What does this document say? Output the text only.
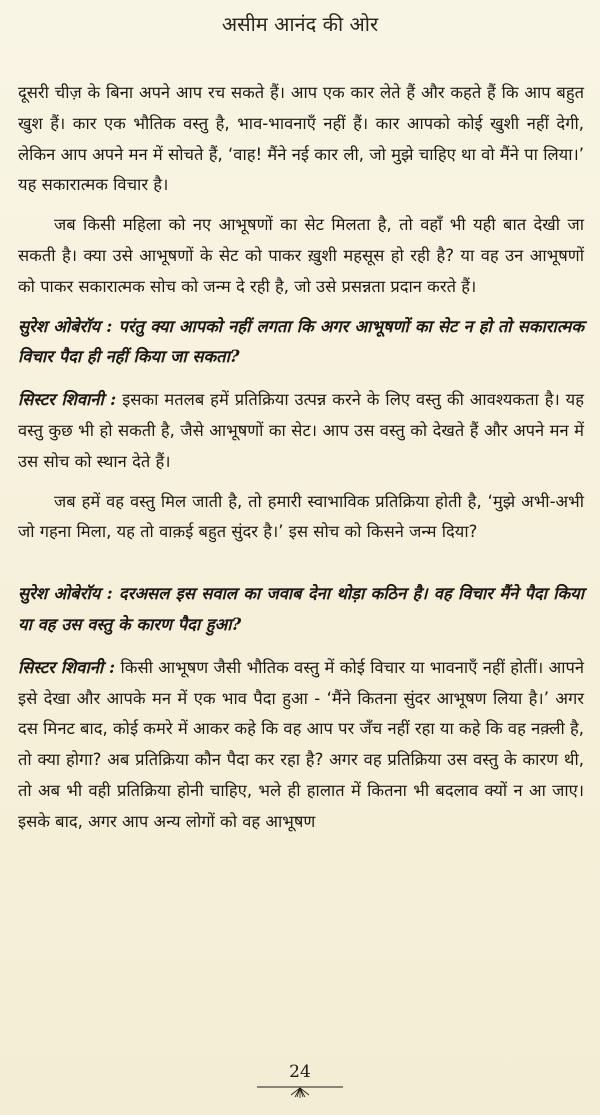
असीम आनंद की ओर

दूसरी चीज़ के बिना अपने आप रच सकते हैं। आप एक कार लेते हैं और कहते हैं कि आप बहुत खुश हैं। कार एक भौतिक वस्तु है, भाव-भावनाएँ नहीं हैं। कार आपको कोई खुशी नहीं देगी, लेकिन आप अपने मन में सोचते हैं, ‘वाह! मैंने नई कार ली, जो मुझे चाहिए था वो मैंने पा लिया।’ यह सकारात्मक विचार है।

जब किसी महिला को नए आभूषणों का सेट मिलता है, तो वहाँ भी यही बात देखी जा सकती है। क्या उसे आभूषणों के सेट को पाकर ख़ुशी महसूस हो रही है? या वह उन आभूषणों को पाकर सकारात्मक सोच को जन्म दे रही है, जो उसे प्रसन्नता प्रदान करते हैं।

सुरेश ओबेरॉय : परंतु क्या आपको नहीं लगता कि अगर आभूषणों का सेट न हो तो सकारात्मक विचार पैदा ही नहीं किया जा सकता?

सिस्टर शिवानी : इसका मतलब हमें प्रतिक्रिया उत्पन्न करने के लिए वस्तु की आवश्यकता है। यह वस्तु कुछ भी हो सकती है, जैसे आभूषणों का सेट। आप उस वस्तु को देखते हैं और अपने मन में उस सोच को स्थान देते हैं।

जब हमें वह वस्तु मिल जाती है, तो हमारी स्वाभाविक प्रतिक्रिया होती है, ‘मुझे अभी-अभी जो गहना मिला, यह तो वाक़ई बहुत सुंदर है।’ इस सोच को किसने जन्म दिया?

सुरेश ओबेरॉय : दरअसल इस सवाल का जवाब देना थोड़ा कठिन है। वह विचार मैंने पैदा किया या वह उस वस्तु के कारण पैदा हुआ?

सिस्टर शिवानी : किसी आभूषण जैसी भौतिक वस्तु में कोई विचार या भावनाएँ नहीं होतीं। आपने इसे देखा और आपके मन में एक भाव पैदा हुआ - ‘मैंने कितना सुंदर आभूषण लिया है।’ अगर दस मिनट बाद, कोई कमरे में आकर कहे कि वह आप पर जँच नहीं रहा या कहे कि वह नक़्ली है, तो क्या होगा? अब प्रतिक्रिया कौन पैदा कर रहा है? अगर वह प्रतिक्रिया उस वस्तु के कारण थी, तो अब भी वही प्रतिक्रिया होनी चाहिए, भले ही हालात में कितना भी बदलाव क्यों न आ जाए। इसके बाद, अगर आप अन्य लोगों को वह आभूषण

24
